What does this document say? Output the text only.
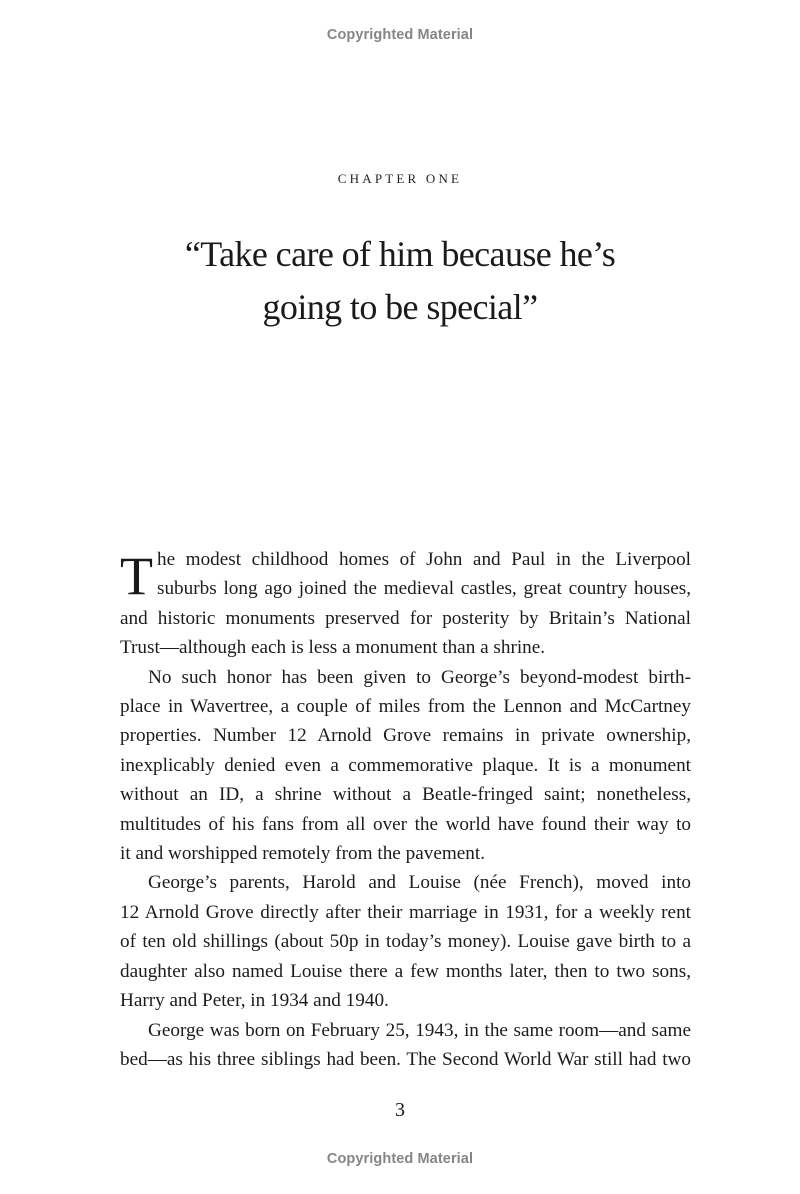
Copyrighted Material
CHAPTER ONE
“Take care of him because he’s
going to be special”
T he modest childhood homes of John and Paul in the Liverpool
suburbs long ago joined the medieval castles, great country houses,
and historic monuments preserved for posterity by Britain’s National
Trust—although each is less a monument than a shrine.
No such honor has been given to George’s beyond-modest birth-
place in Wavertree, a couple of miles from the Lennon and McCartney
properties. Number 12 Arnold Grove remains in private ownership,
inexplicably denied even a commemorative plaque. It is a monument
without an ID, a shrine without a Beatle-fringed saint; nonetheless,
multitudes of his fans from all over the world have found their way to
it and worshipped remotely from the pavement.
George’s parents, Harold and Louise (née French), moved into
12 Arnold Grove directly after their marriage in 1931, for a weekly rent
of ten old shillings (about 50p in today’s money). Louise gave birth to a
daughter also named Louise there a few months later, then to two sons,
Harry and Peter, in 1934 and 1940.
George was born on February 25, 1943, in the same room—and same
bed—as his three siblings had been. The Second World War still had two
3
Copyrighted Material
